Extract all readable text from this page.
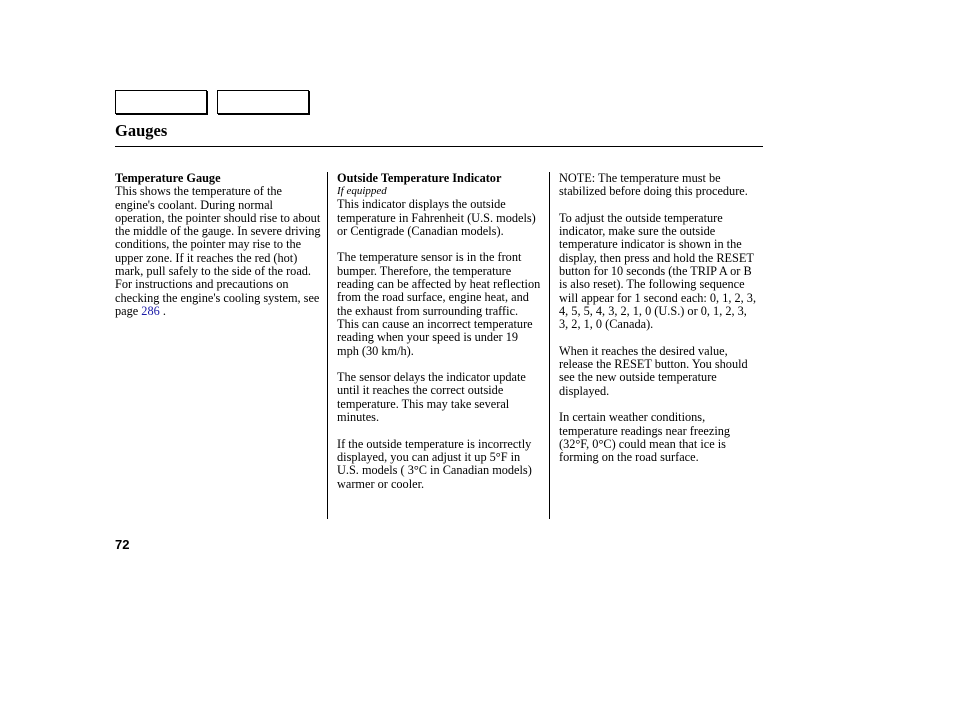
Gauges
Temperature Gauge
This shows the temperature of the engine's coolant. During normal operation, the pointer should rise to about the middle of the gauge. In severe driving conditions, the pointer may rise to the upper zone. If it reaches the red (hot) mark, pull safely to the side of the road. For instructions and precautions on checking the engine's cooling system, see page 286 .
Outside Temperature Indicator
If equipped

This indicator displays the outside temperature in Fahrenheit (U.S. models) or Centigrade (Canadian models).

The temperature sensor is in the front bumper. Therefore, the temperature reading can be affected by heat reflection from the road surface, engine heat, and the exhaust from surrounding traffic. This can cause an incorrect temperature reading when your speed is under 19 mph (30 km/h).

The sensor delays the indicator update until it reaches the correct outside temperature. This may take several minutes.

If the outside temperature is incorrectly displayed, you can adjust it up 5°F in U.S. models ( 3°C in Canadian models) warmer or cooler.

NOTE: The temperature must be stabilized before doing this procedure.

To adjust the outside temperature indicator, make sure the outside temperature indicator is shown in the display, then press and hold the RESET button for 10 seconds (the TRIP A or B is also reset). The following sequence will appear for 1 second each: 0, 1, 2, 3, 4, 5, 5, 4, 3, 2, 1, 0 (U.S.) or 0, 1, 2, 3, 3, 2, 1, 0 (Canada).

When it reaches the desired value, release the RESET button. You should see the new outside temperature displayed.

In certain weather conditions, temperature readings near freezing (32°F, 0°C) could mean that ice is forming on the road surface.

72
